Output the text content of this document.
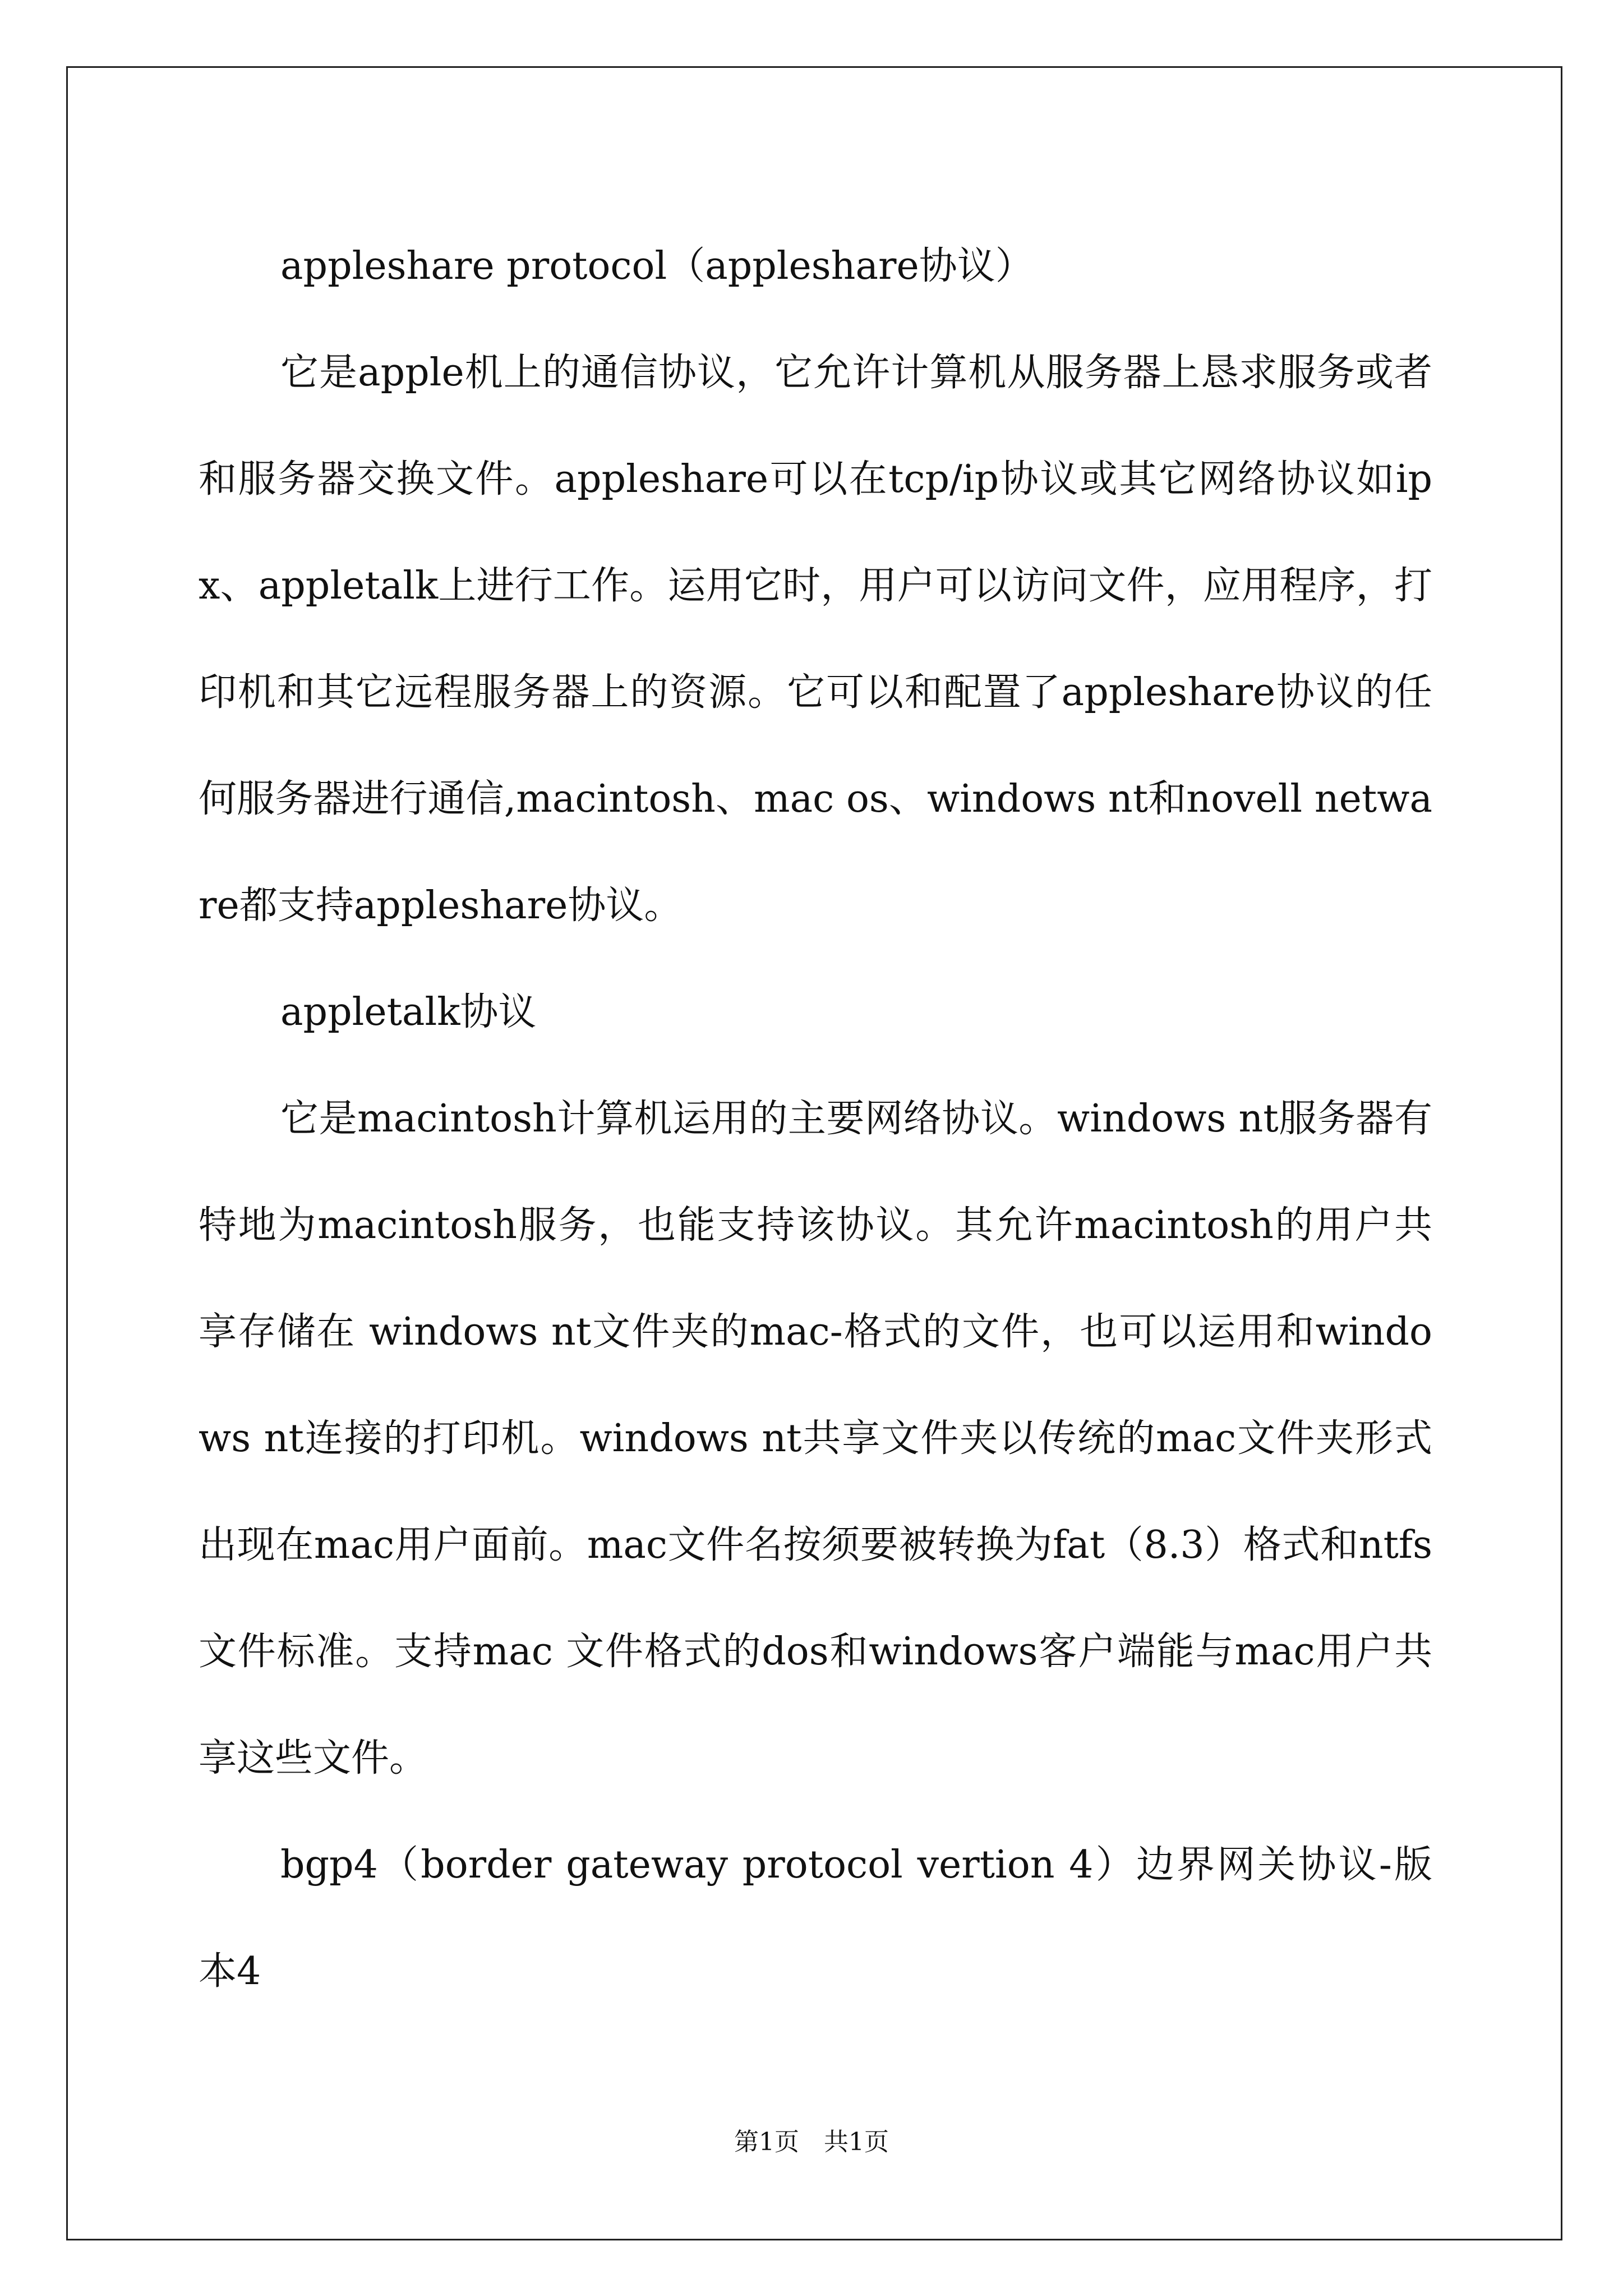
appleshare protocol（appleshare协议）

它是apple机上的通信协议，它允许计算机从服务器上恳求服务或者和服务器交换文件。appleshare可以在tcp/ip协议或其它网络协议如ipx、appletalk上进行工作。运用它时，用户可以访问文件，应用程序，打印机和其它远程服务器上的资源。它可以和配置了appleshare协议的任何服务器进行通信,macintosh、mac os、windows nt和novell netware都支持appleshare协议。

appletalk协议

它是macintosh计算机运用的主要网络协议。windows nt服务器有特地为macintosh服务，也能支持该协议。其允许macintosh的用户共享存储在 windows nt文件夹的mac-格式的文件，也可以运用和windows nt连接的打印机。windows nt共享文件夹以传统的mac文件夹形式出现在mac用户面前。mac文件名按须要被转换为fat（8.3）格式和ntfs文件标准。支持mac 文件格式的dos和windows客户端能与mac用户共享这些文件。

bgp4（border gateway protocol vertion 4）边界网关协议-版本4

第1页 共1页
